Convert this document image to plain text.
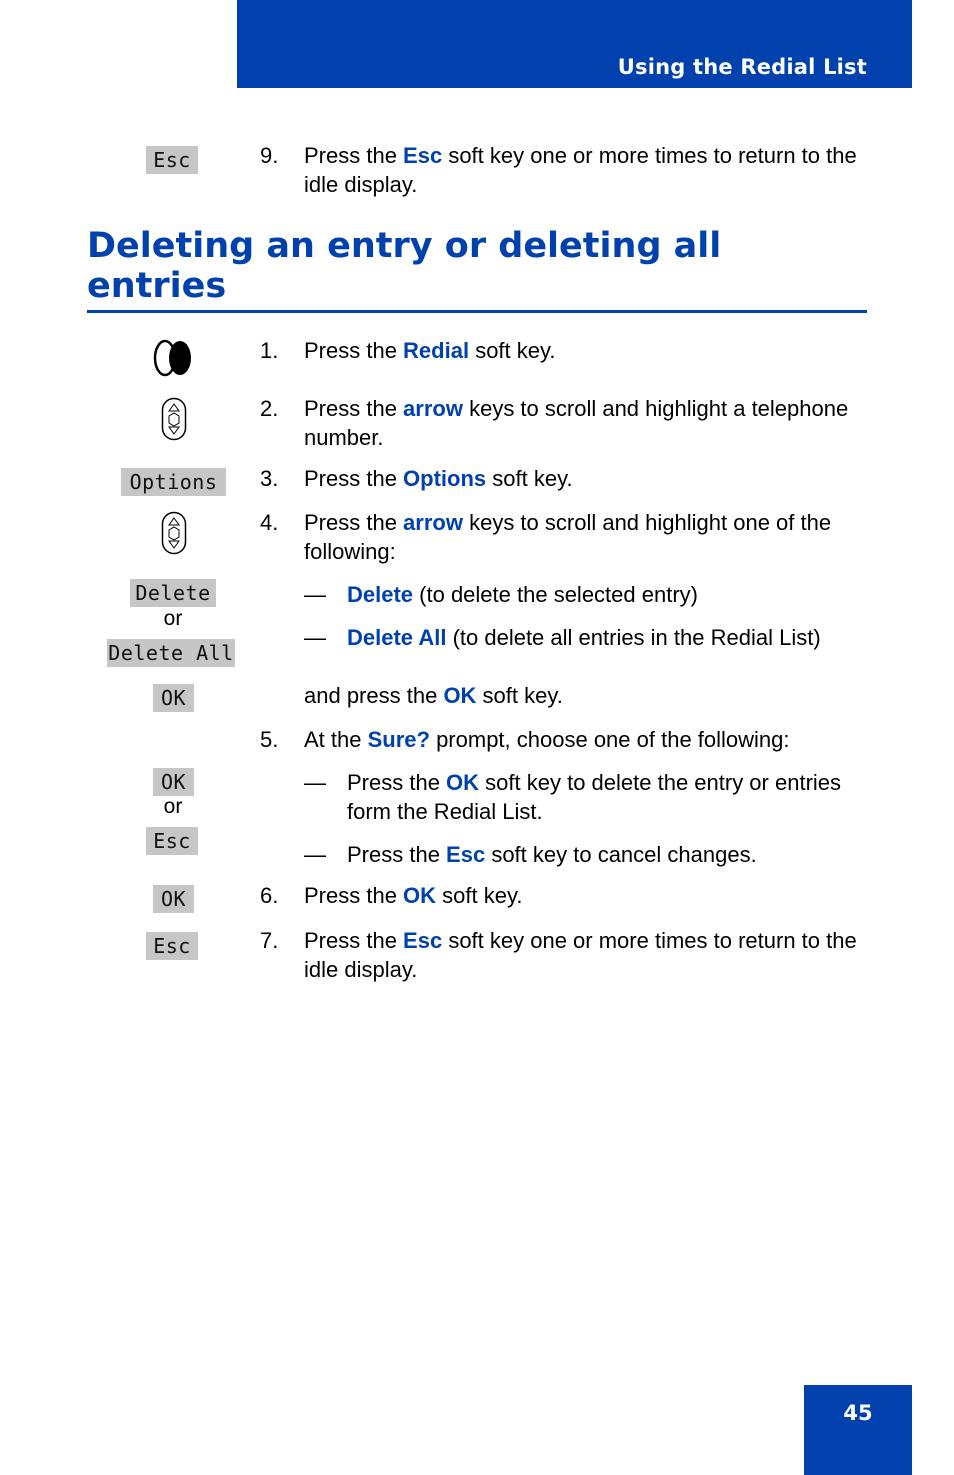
Using the Redial List
Esc	9. Press the Esc soft key one or more times to return to the idle display.

Deleting an entry or deleting all entries
1. Press the Redial soft key.

2. Press the arrow keys to scroll and highlight a telephone number.

Options	3. Press the Options soft key.

4. Press the arrow keys to scroll and highlight one of the following:

Delete
or
Delete All
— Delete (to delete the selected entry)

— Delete All (to delete all entries in the Redial List)

OK	and press the OK soft key.

5. At the Sure? prompt, choose one of the following:

OK
or
Esc
— Press the OK soft key to delete the entry or entries form the Redial List.

— Press the Esc soft key to cancel changes.

OK	6. Press the OK soft key.

Esc	7. Press the Esc soft key one or more times to return to the idle display.

45
